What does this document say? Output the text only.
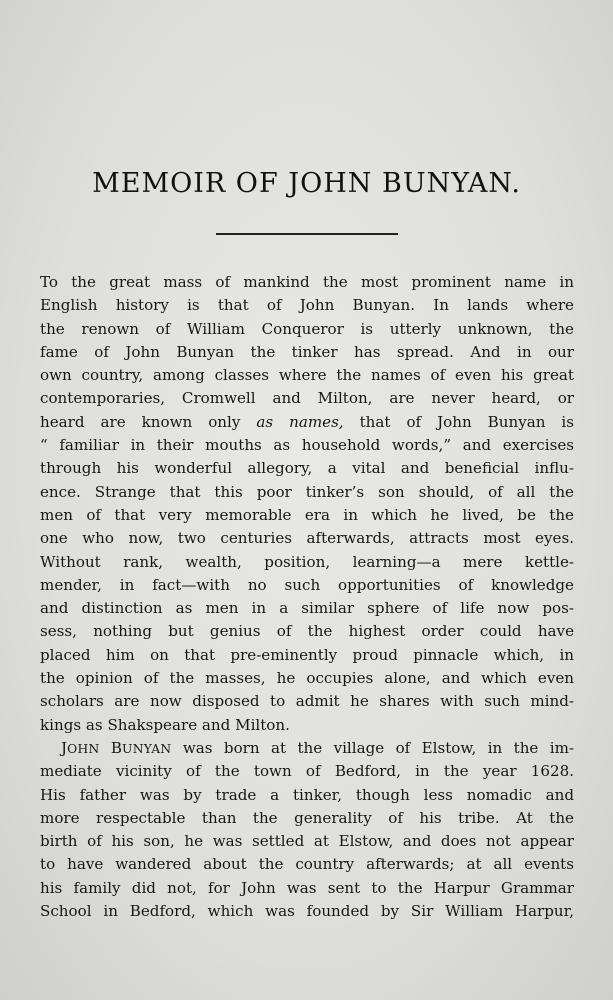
MEMOIR OF JOHN BUNYAN.
To the great mass of mankind the most prominent name in
English history is that of John Bunyan. In lands where
the renown of William Conqueror is utterly unknown, the
fame of John Bunyan the tinker has spread. And in our
own country, among classes where the names of even his great
contemporaries, Cromwell and Milton, are never heard, or
heard are known only as names, that of John Bunyan is
“ familiar in their mouths as household words,” and exercises
through his wonderful allegory, a vital and beneficial influ-
ence. Strange that this poor tinker’s son should, of all the
men of that very memorable era in which he lived, be the
one who now, two centuries afterwards, attracts most eyes.
Without rank, wealth, position, learning—a mere kettle-
mender, in fact—with no such opportunities of knowledge
and distinction as men in a similar sphere of life now pos-
sess, nothing but genius of the highest order could have
placed him on that pre-eminently proud pinnacle which, in
the opinion of the masses, he occupies alone, and which even
scholars are now disposed to admit he shares with such mind-
kings as Shakspeare and Milton.
JOHN BUNYAN was born at the village of Elstow, in the im-
mediate vicinity of the town of Bedford, in the year 1628.
His father was by trade a tinker, though less nomadic and
more respectable than the generality of his tribe. At the
birth of his son, he was settled at Elstow, and does not appear
to have wandered about the country afterwards; at all events
his family did not, for John was sent to the Harpur Grammar
School in Bedford, which was founded by Sir William Harpur,
